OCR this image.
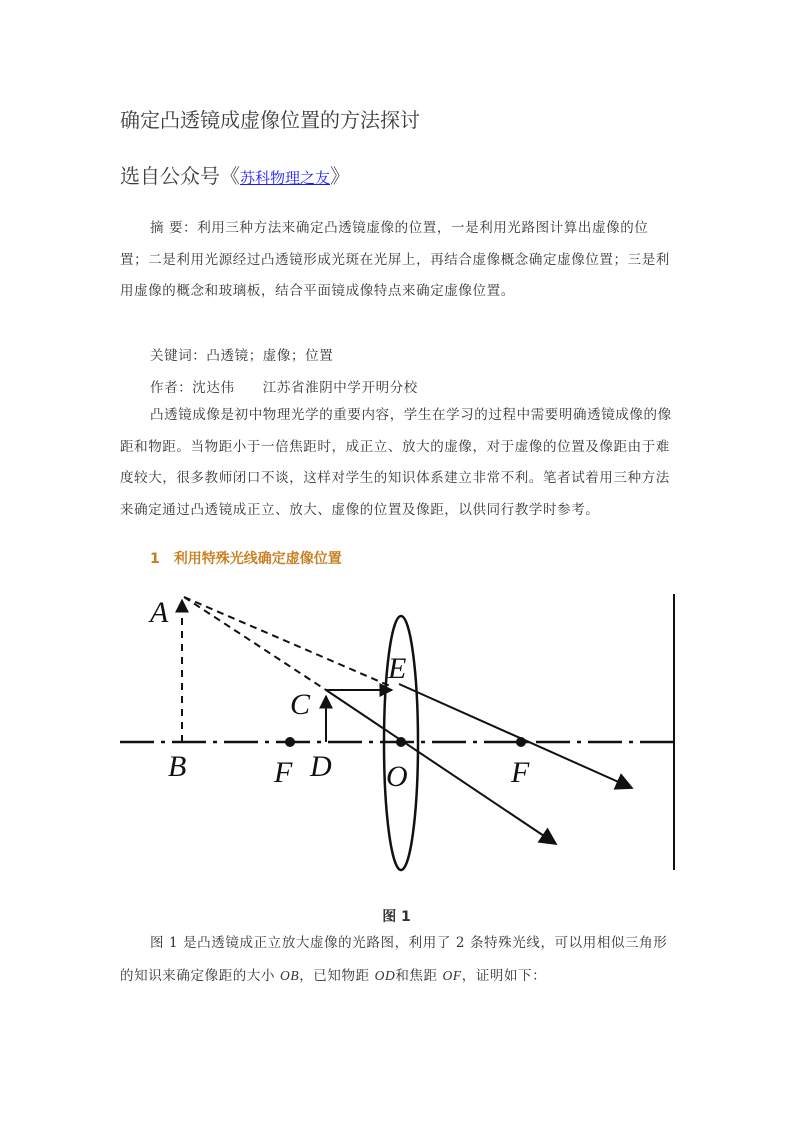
确定凸透镜成虚像位置的方法探讨
选自公众号《苏科物理之友》
摘 要：利用三种方法来确定凸透镜虚像的位置，一是利用光路图计算出虚像的位置；二是利用光源经过凸透镜形成光斑在光屏上，再结合虚像概念确定虚像位置；三是利用虚像的概念和玻璃板，结合平面镜成像特点来确定虚像位置。
关键词：凸透镜；虚像；位置
作者：沈达伟　　江苏省淮阴中学开明分校
凸透镜成像是初中物理光学的重要内容，学生在学习的过程中需要明确透镜成像的像距和物距。当物距小于一倍焦距时，成正立、放大的虚像，对于虚像的位置及像距由于难度较大，很多教师闭口不谈，这样对学生的知识体系建立非常不利。笔者试着用三种方法来确定通过凸透镜成正立、放大、虚像的位置及像距，以供同行教学时参考。
1　利用特殊光线确定虚像位置
A
B
C
D
E
F	O	F
图 1
图 1 是凸透镜成正立放大虚像的光路图，利用了 2 条特殊光线，可以用相似三角形的知识来确定像距的大小 OB，已知物距 OD和焦距 OF，证明如下：
